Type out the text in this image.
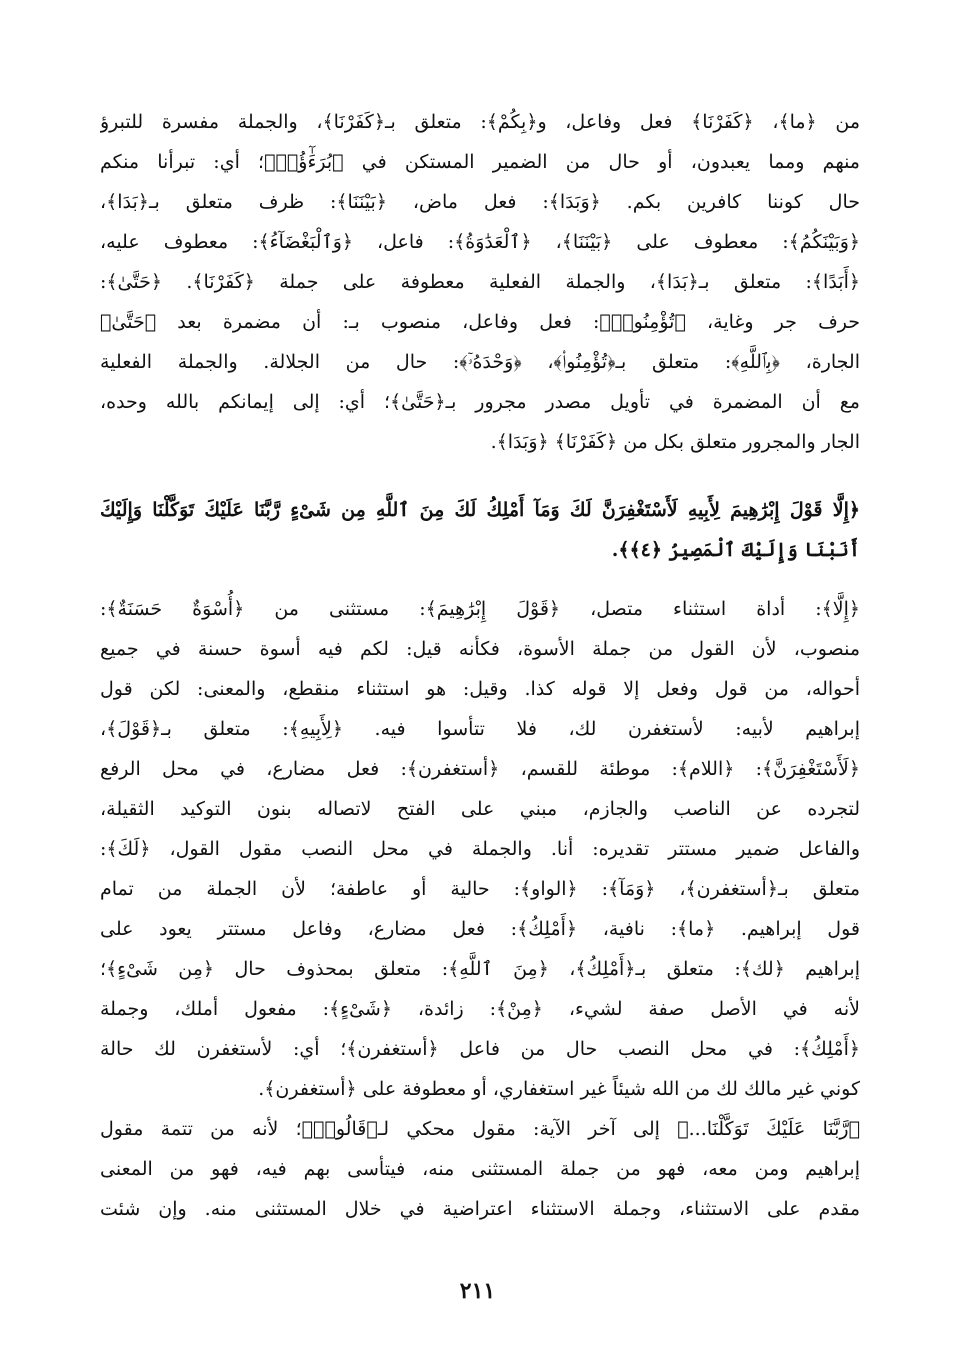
من ﴿ما﴾، ﴿كَفَرْنَا﴾ فعل وفاعل، و﴿بِكُمْ﴾: متعلق بـ﴿كَفَرْنَا﴾، والجملة مفسرة للتبرؤ
منهم ومما يعبدون، أو حال من الضمير المستكن في ﴿بُرَءَٰٓؤُا۟﴾؛ أي: تبرأنا منكم
حال كوننا كافرين بكم. ﴿وَبَدَا﴾: فعل ماض، ﴿بَيْنَنَا﴾: ظرف متعلق بـ﴿بَدَا﴾،
﴿وَبَيْنَكُمُ﴾: معطوف على ﴿بَيْنَنَا﴾، ﴿ٱلْعَدَٰوَةُ﴾: فاعل، ﴿وَٱلْبَغْضَآءُ﴾: معطوف عليه،
﴿أَبَدًا﴾: متعلق بـ﴿بَدَا﴾، والجملة الفعلية معطوفة على جملة ﴿كَفَرْنَا﴾. ﴿حَتَّىٰ﴾:
حرف جر وغاية، ﴿تُؤْمِنُوا۟﴾: فعل وفاعل، منصوب بـ: أن مضمرة بعد ﴿حَتَّىٰ﴾
الجارة، ﴿بِٱللَّهِ﴾: متعلق بـ﴿تُؤْمِنُوا۟﴾، ﴿وَحْدَهُۥٓ﴾: حال من الجلالة. والجملة الفعلية
مع أن المضمرة في تأويل مصدر مجرور بـ﴿حَتَّىٰ﴾؛ أي: إلى إيمانكم بالله وحده،
الجار والمجرور متعلق بكل من ﴿كَفَرْنَا﴾ ﴿وَبَدَا﴾.
﴿إِلَّا قَوْلَ إِبْرَٰهِيمَ لِأَبِيهِ لَأَسْتَغْفِرَنَّ لَكَ وَمَآ أَمْلِكُ لَكَ مِنَ ٱللَّهِ مِن شَىْءٍ رَّبَّنَا عَلَيْكَ تَوَكَّلْنَا وَإِلَيْكَ
أَنَبْنَا وَإِلَيْكَ ٱلْمَصِيرُ ﴿٤﴾﴾.
﴿إِلَّا﴾: أداة استثناء متصل، ﴿قَوْلَ إِبْرَٰهِيمَ﴾: مستثنى من ﴿أُسْوَةٌ حَسَنَةٌ﴾:
منصوب، لأن القول من جملة الأسوة، فكأنه قيل: لكم فيه أسوة حسنة في جميع
أحواله، من قول وفعل إلا قوله كذا. وقيل: هو استثناء منقطع، والمعنى: لكن قول
إبراهيم لأبيه: لأستغفرن لك، فلا تتأسوا فيه. ﴿لِأَبِيهِ﴾: متعلق بـ﴿قَوْلَ﴾،
﴿لَأَسْتَغْفِرَنَّ﴾: ﴿اللام﴾: موطئة للقسم، ﴿أستغفرن﴾: فعل مضارع، في محل الرفع
لتجرده عن الناصب والجازم، مبني على الفتح لاتصاله بنون التوكيد الثقيلة،
والفاعل ضمير مستتر تقديره: أنا. والجملة في محل النصب مقول القول، ﴿لَكَ﴾:
متعلق بـ﴿أستغفرن﴾، ﴿وَمَآ﴾: ﴿الواو﴾: حالية أو عاطفة؛ لأن الجملة من تمام
قول إبراهيم. ﴿ما﴾: نافية، ﴿أَمْلِكُ﴾: فعل مضارع، وفاعل مستتر يعود على
إبراهيم ﴿لك﴾: متعلق بـ﴿أَمْلِكُ﴾، ﴿مِنَ ٱللَّهِ﴾: متعلق بمحذوف حال ﴿مِن شَىْءٍ﴾؛
لأنه في الأصل صفة لشيء، ﴿مِنْ﴾: زائدة، ﴿شَىْءٍ﴾: مفعول أملك، وجملة
﴿أَمْلِكُ﴾: في محل النصب حال من فاعل ﴿أستغفرن﴾؛ أي: لأستغفرن لك حالة
كوني غير مالك لك من الله شيئاً غير استغفاري، أو معطوفة على ﴿أستغفرن﴾.
﴿رَّبَّنَا عَلَيْكَ تَوَكَّلْنَا...﴾ إلى آخر الآية: مقول محكي لـ﴿قَالُوا۟﴾؛ لأنه من تتمة مقول
إبراهيم ومن معه، فهو من جملة المستثنى منه، فيتأسى بهم فيه، فهو من المعنى
مقدم على الاستثناء، وجملة الاستثناء اعتراضية في خلال المستثنى منه. وإن شئت
٢١١
